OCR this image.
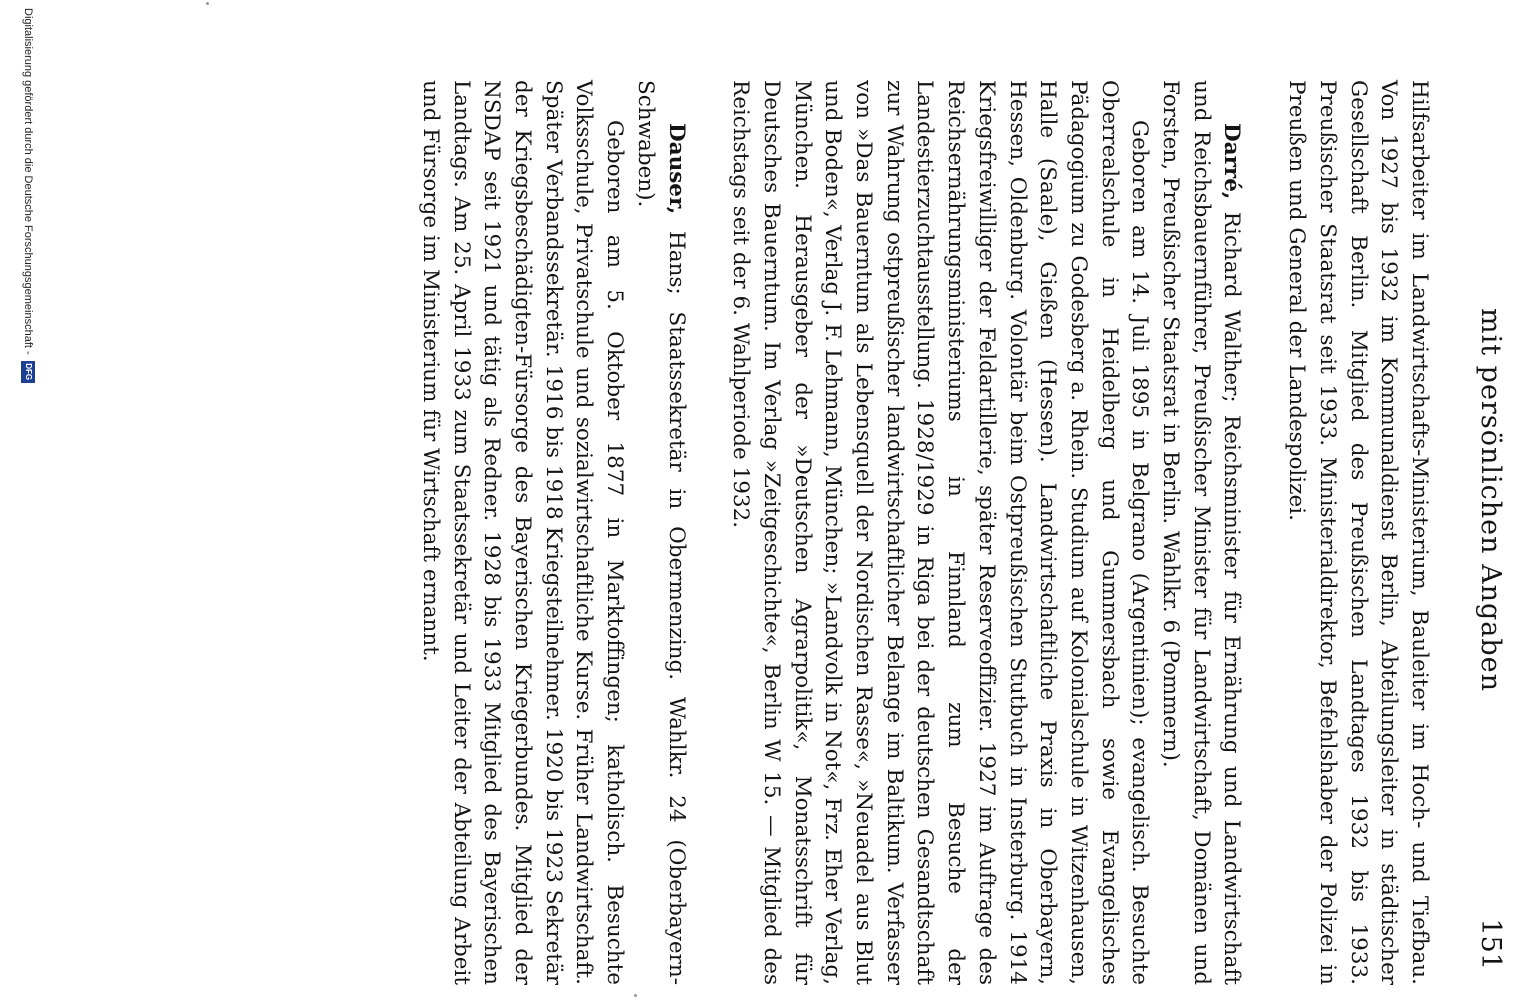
mit persönlichen Angaben
151

Hilfsarbeiter im Landwirtschafts-Ministerium, Bauleiter im Hoch- und Tiefbau. Von 1927 bis 1932 im Kommunaldienst Berlin, Abteilungsleiter in städtischer Gesellschaft Berlin. Mitglied des Preußischen Landtages 1932 bis 1933. Preußischer Staatsrat seit 1933. Ministerialdirektor, Befehlshaber der Polizei in Preußen und General der Landespolizei.

  Darré, Richard Walther; Reichsminister für Ernährung und Landwirtschaft und Reichsbauernführer, Preußischer Minister für Landwirtschaft, Domänen und Forsten, Preußischer Staatsrat in Berlin. Wahlkr. 6 (Pommern).

Geboren am 14. Juli 1895 in Belgrano (Argentinien); evangelisch. Besuchte Oberrealschule in Heidelberg und Gummersbach sowie Evangelisches Pädagogium zu Godesberg a. Rhein. Studium auf Kolonialschule in Witzenhausen, Halle (Saale), Gießen (Hessen). Landwirtschaftliche Praxis in Oberbayern, Hessen, Oldenburg. Volontär beim Ostpreußischen Stutbuch in Insterburg. 1914 Kriegsfreiwilliger der Feldartillerie, später Reserveoffizier. 1927 im Auftrage des Reichsernährungsministeriums in Finnland zum Besuche der Landestierzuchtausstellung. 1928/1929 in Riga bei der deutschen Gesandtschaft zur Wahrung ostpreußischer landwirtschaftlicher Belange im Baltikum. Verfasser von »Das Bauerntum als Lebensquell der Nordischen Rasse«, »Neuadel aus Blut und Boden«, Verlag J. F. Lehmann, München; »Landvolk in Not«, Frz. Eher Verlag, München. Herausgeber der »Deutschen Agrarpolitik«, Monatsschrift für Deutsches Bauerntum. Im Verlag »Zeitgeschichte«, Berlin W 15. — Mitglied des Reichstags seit der 6. Wahlperiode 1932.

  Dauser, Hans; Staatssekretär in Obermenzing. Wahlkr. 24 (Oberbayern-Schwaben).

Geboren am 5. Oktober 1877 in Marktoffingen; katholisch. Besuchte Volksschule, Privatschule und sozialwirtschaftliche Kurse. Früher Landwirtschaft. Später Verbandssekretär. 1916 bis 1918 Kriegsteilnehmer. 1920 bis 1923 Sekretär der Kriegsbeschädigten-Fürsorge des Bayerischen Kriegerbundes. Mitglied der NSDAP seit 1921 und tätig als Redner. 1928 bis 1933 Mitglied des Bayerischen Landtags. Am 25. April 1933 zum Staatssekretär und Leiter der Abteilung Arbeit und Fürsorge im Ministerium für Wirtschaft ernannt.

Digitalisierung gefördert durch die Deutsche Forschungsgemeinschaft -
DFG
